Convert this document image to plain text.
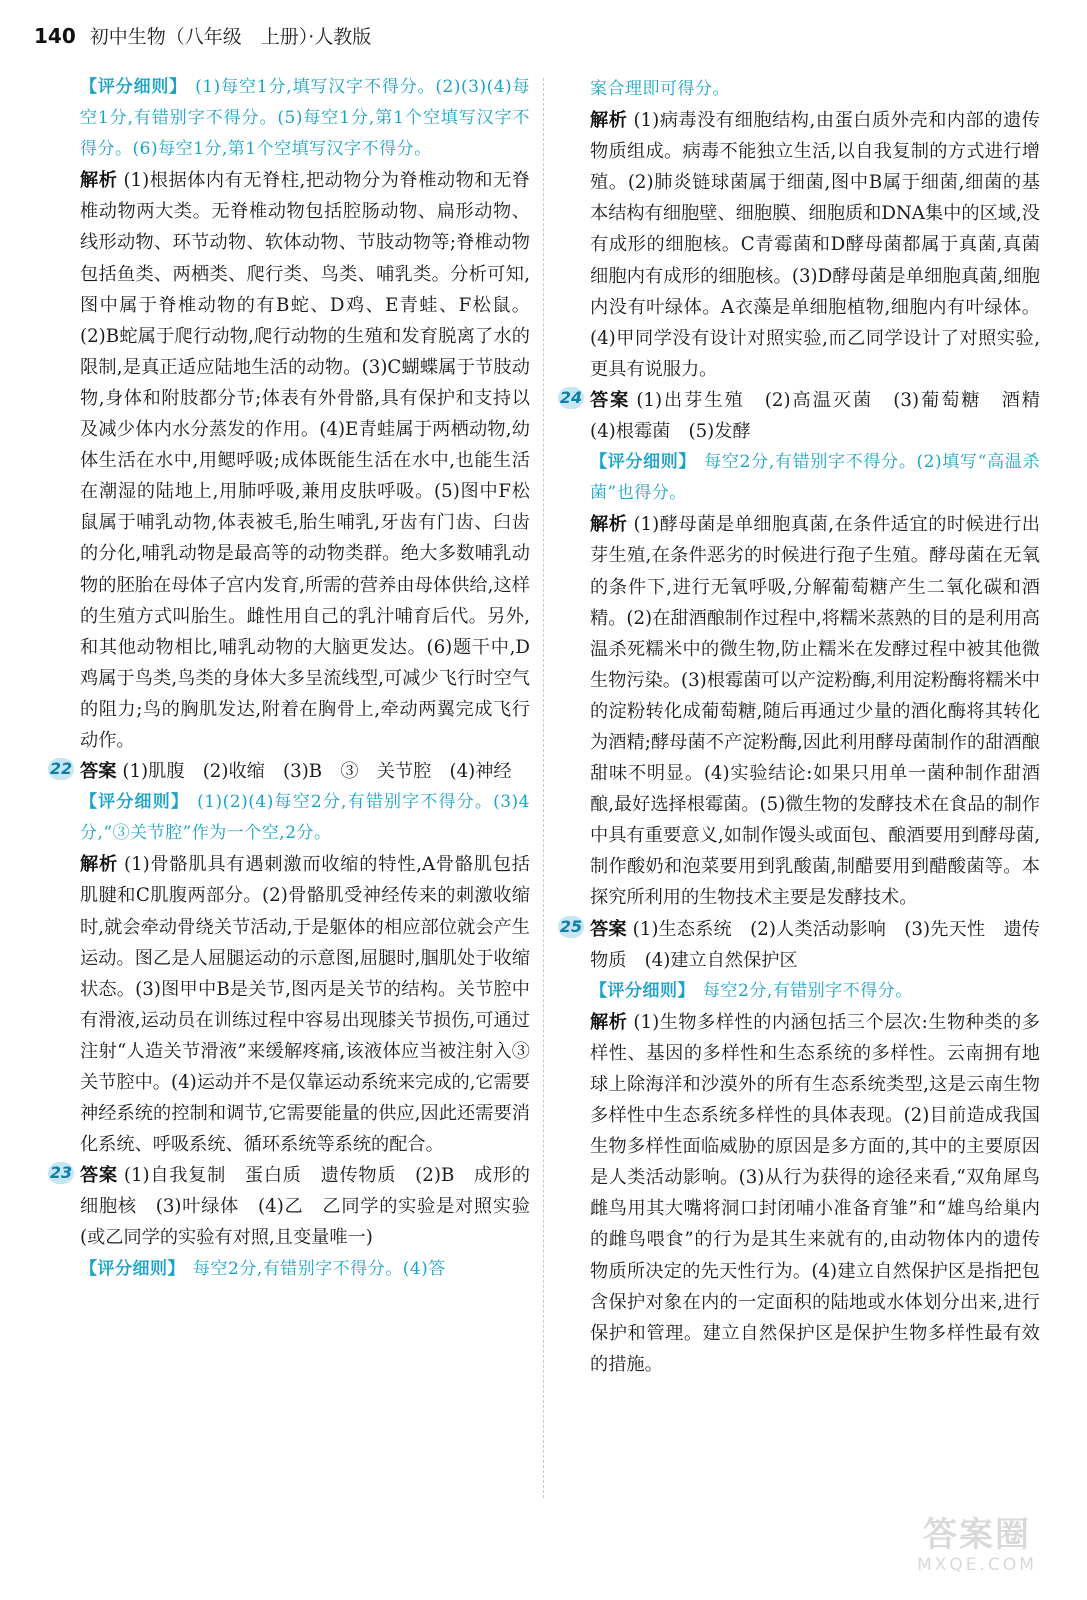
140 初中生物（八年级　上册）·人教版

【评分细则】 (1)每空1分,填写汉字不得分。(2)(3)(4)每空1分,有错别字不得分。(5)每空1分,第1个空填写汉字不得分。(6)每空1分,第1个空填写汉字不得分。

解析 (1)根据体内有无脊柱,把动物分为脊椎动物和无脊椎动物两大类。无脊椎动物包括腔肠动物、扁形动物、线形动物、环节动物、软体动物、节肢动物等;脊椎动物包括鱼类、两栖类、爬行类、鸟类、哺乳类。分析可知,图中属于脊椎动物的有B蛇、D鸡、E青蛙、F松鼠。(2)B蛇属于爬行动物,爬行动物的生殖和发育脱离了水的限制,是真正适应陆地生活的动物。(3)C蝴蝶属于节肢动物,身体和附肢都分节;体表有外骨骼,具有保护和支持以及减少体内水分蒸发的作用。(4)E青蛙属于两栖动物,幼体生活在水中,用鳃呼吸;成体既能生活在水中,也能生活在潮湿的陆地上,用肺呼吸,兼用皮肤呼吸。(5)图中F松鼠属于哺乳动物,体表被毛,胎生哺乳,牙齿有门齿、臼齿的分化,哺乳动物是最高等的动物类群。绝大多数哺乳动物的胚胎在母体子宫内发育,所需的营养由母体供给,这样的生殖方式叫胎生。雌性用自己的乳汁哺育后代。另外,和其他动物相比,哺乳动物的大脑更发达。(6)题干中,D鸡属于鸟类,鸟类的身体大多呈流线型,可减少飞行时空气的阻力;鸟的胸肌发达,附着在胸骨上,牵动两翼完成飞行动作。

22 答案 (1)肌腹　(2)收缩　(3)B　③　关节腔　(4)神经

【评分细则】 (1)(2)(4)每空2分,有错别字不得分。(3)4分,“③关节腔”作为一个空,2分。

解析 (1)骨骼肌具有遇刺激而收缩的特性,A骨骼肌包括肌腱和C肌腹两部分。(2)骨骼肌受神经传来的刺激收缩时,就会牵动骨绕关节活动,于是躯体的相应部位就会产生运动。图乙是人屈腿运动的示意图,屈腿时,腘肌处于收缩状态。(3)图甲中B是关节,图丙是关节的结构。关节腔中有滑液,运动员在训练过程中容易出现膝关节损伤,可通过注射“人造关节滑液”来缓解疼痛,该液体应当被注射入③关节腔中。(4)运动并不是仅靠运动系统来完成的,它需要神经系统的控制和调节,它需要能量的供应,因此还需要消化系统、呼吸系统、循环系统等系统的配合。

23 答案 (1)自我复制　蛋白质　遗传物质　(2)B　成形的细胞核　(3)叶绿体　(4)乙　乙同学的实验是对照实验(或乙同学的实验有对照,且变量唯一)

【评分细则】 每空2分,有错别字不得分。(4)答

案合理即可得分。

解析 (1)病毒没有细胞结构,由蛋白质外壳和内部的遗传物质组成。病毒不能独立生活,以自我复制的方式进行增殖。(2)肺炎链球菌属于细菌,图中B属于细菌,细菌的基本结构有细胞壁、细胞膜、细胞质和DNA集中的区域,没有成形的细胞核。C青霉菌和D酵母菌都属于真菌,真菌细胞内有成形的细胞核。(3)D酵母菌是单细胞真菌,细胞内没有叶绿体。A衣藻是单细胞植物,细胞内有叶绿体。(4)甲同学没有设计对照实验,而乙同学设计了对照实验,更具有说服力。

24 答案 (1)出芽生殖　(2)高温灭菌　(3)葡萄糖　酒精　(4)根霉菌　(5)发酵

【评分细则】 每空2分,有错别字不得分。(2)填写“高温杀菌”也得分。

解析 (1)酵母菌是单细胞真菌,在条件适宜的时候进行出芽生殖,在条件恶劣的时候进行孢子生殖。酵母菌在无氧的条件下,进行无氧呼吸,分解葡萄糖产生二氧化碳和酒精。(2)在甜酒酿制作过程中,将糯米蒸熟的目的是利用高温杀死糯米中的微生物,防止糯米在发酵过程中被其他微生物污染。(3)根霉菌可以产淀粉酶,利用淀粉酶将糯米中的淀粉转化成葡萄糖,随后再通过少量的酒化酶将其转化为酒精;酵母菌不产淀粉酶,因此利用酵母菌制作的甜酒酿甜味不明显。(4)实验结论:如果只用单一菌种制作甜酒酿,最好选择根霉菌。(5)微生物的发酵技术在食品的制作中具有重要意义,如制作馒头或面包、酿酒要用到酵母菌,制作酸奶和泡菜要用到乳酸菌,制醋要用到醋酸菌等。本探究所利用的生物技术主要是发酵技术。

25 答案 (1)生态系统　(2)人类活动影响　(3)先天性　遗传物质　(4)建立自然保护区

【评分细则】 每空2分,有错别字不得分。

解析 (1)生物多样性的内涵包括三个层次:生物种类的多样性、基因的多样性和生态系统的多样性。云南拥有地球上除海洋和沙漠外的所有生态系统类型,这是云南生物多样性中生态系统多样性的具体表现。(2)目前造成我国生物多样性面临威胁的原因是多方面的,其中的主要原因是人类活动影响。(3)从行为获得的途径来看,“双角犀鸟雌鸟用其大嘴将洞口封闭哺小准备育雏”和“雄鸟给巢内的雌鸟喂食”的行为是其生来就有的,由动物体内的遗传物质所决定的先天性行为。(4)建立自然保护区是指把包含保护对象在内的一定面积的陆地或水体划分出来,进行保护和管理。建立自然保护区是保护生物多样性最有效的措施。

答案圈
MXQE.COM
